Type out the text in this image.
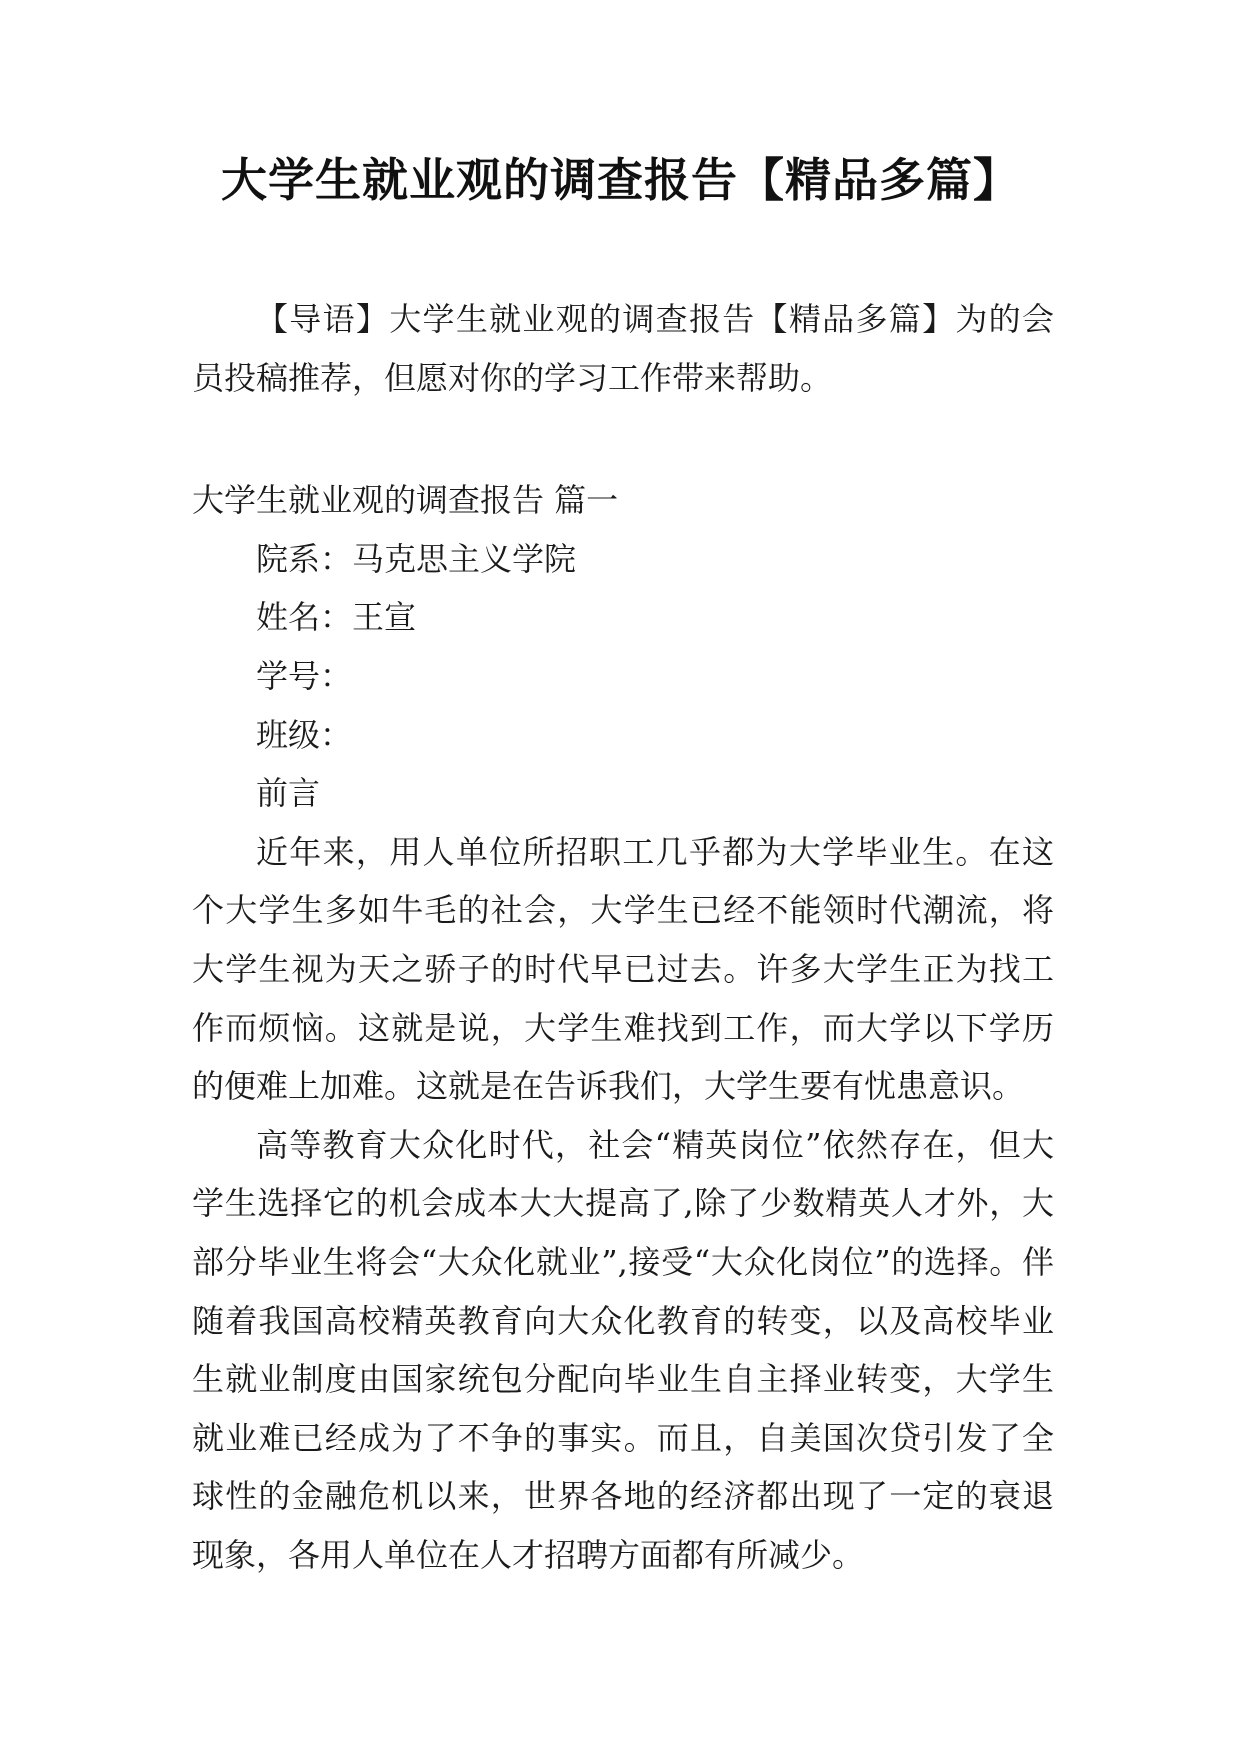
大学生就业观的调查报告【精品多篇】

【导语】大学生就业观的调查报告【精品多篇】为的会员投稿推荐，但愿对你的学习工作带来帮助。

大学生就业观的调查报告 篇一

院系：马克思主义学院

姓名：王宣

学号：

班级：

前言

近年来，用人单位所招职工几乎都为大学毕业生。在这个大学生多如牛毛的社会，大学生已经不能领时代潮流，将大学生视为天之骄子的时代早已过去。许多大学生正为找工作而烦恼。这就是说，大学生难找到工作，而大学以下学历的便难上加难。这就是在告诉我们，大学生要有忧患意识。

高等教育大众化时代，社会“精英岗位”依然存在，但大学生选择它的机会成本大大提高了,除了少数精英人才外，大部分毕业生将会“大众化就业”,接受“大众化岗位”的选择。伴随着我国高校精英教育向大众化教育的转变，以及高校毕业生就业制度由国家统包分配向毕业生自主择业转变，大学生就业难已经成为了不争的事实。而且，自美国次贷引发了全球性的金融危机以来，世界各地的经济都出现了一定的衰退现象，各用人单位在人才招聘方面都有所减少。
